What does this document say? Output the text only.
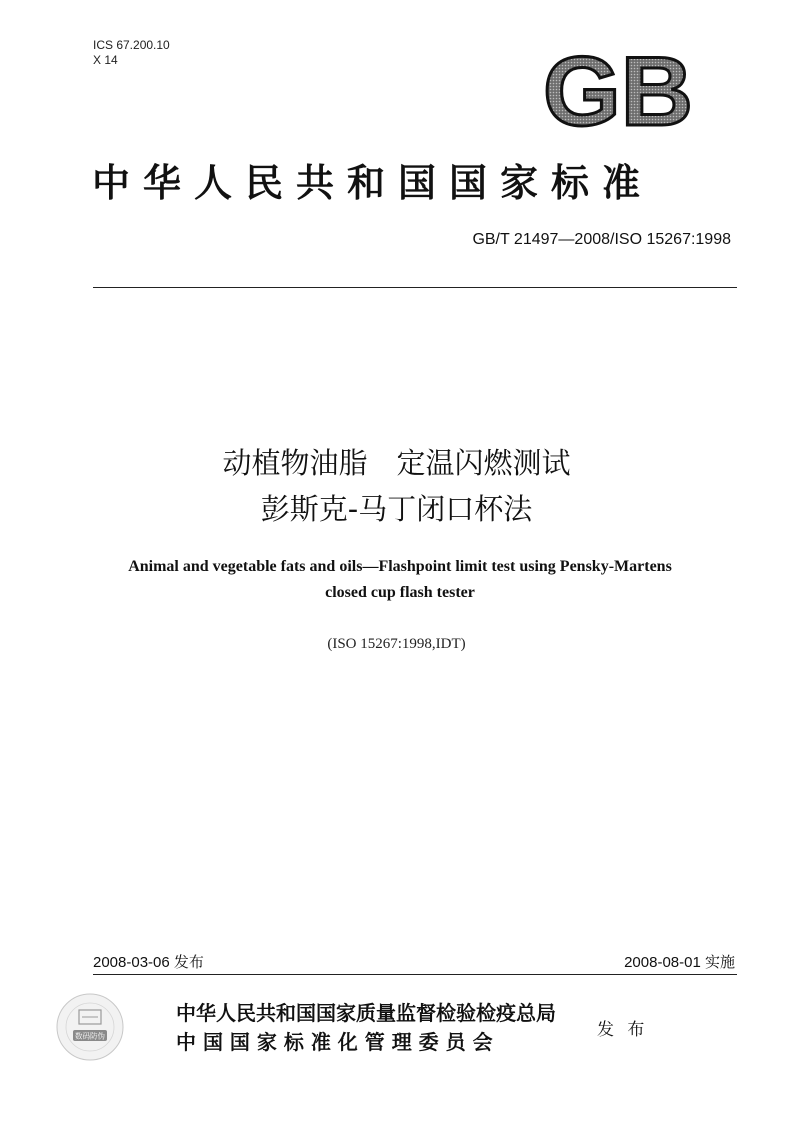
ICS 67.200.10
X 14	GB
中华人民共和国国家标准
GB/T 21497—2008/ISO 15267:1998
动植物油脂　定温闪燃测试
彭斯克-马丁闭口杯法
Animal and vegetable fats and oils—Flashpoint limit test using Pensky-Martens
closed cup flash tester
(ISO 15267:1998,IDT)
2008-03-06 发布	2008-08-01 实施
数码防伪
中华人民共和国国家质量监督检验检疫总局
中 国 国 家 标 准 化 管 理 委 员 会	发 布
